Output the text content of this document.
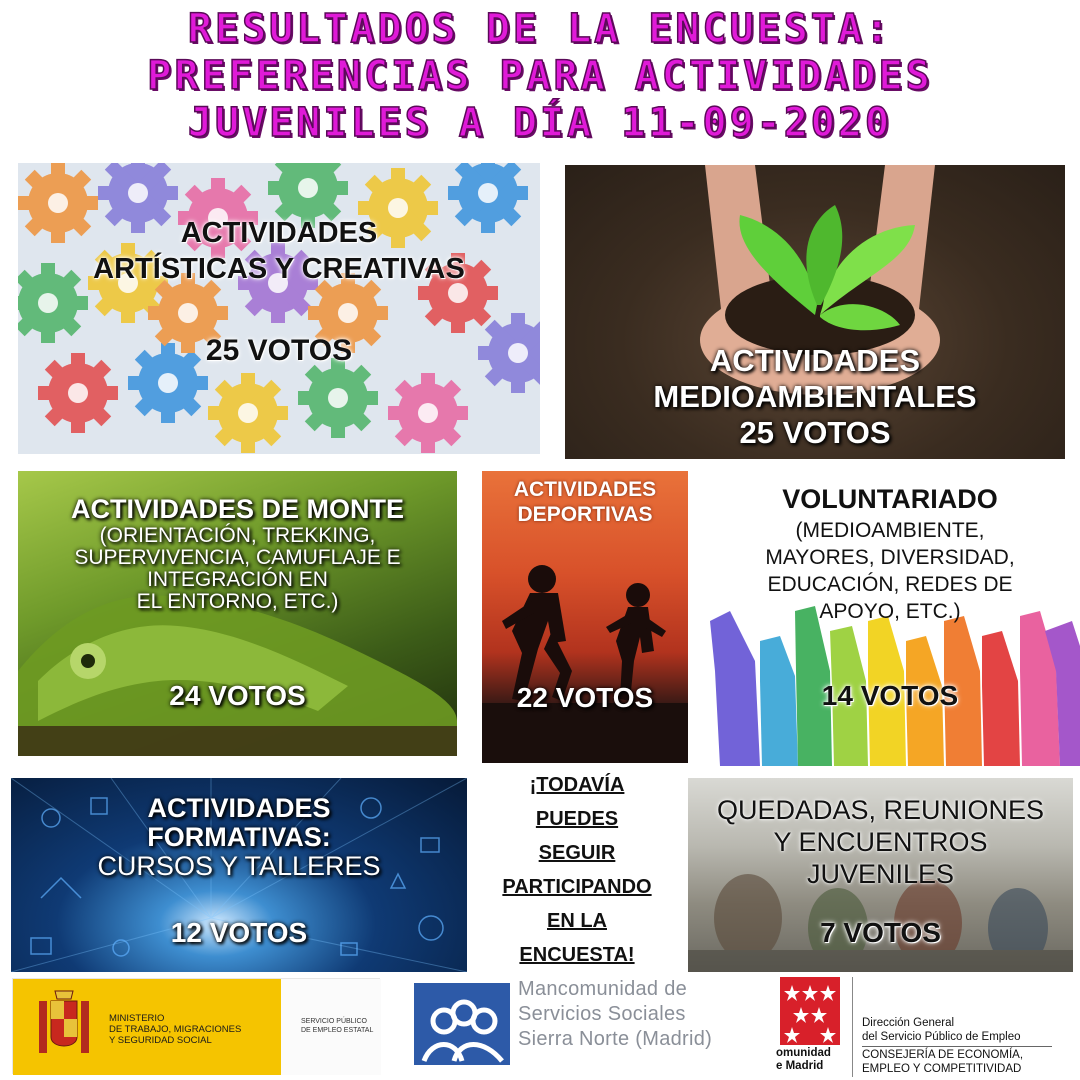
RESULTADOS DE LA ENCUESTA:
PREFERENCIAS PARA ACTIVIDADES
JUVENILES A DÍA 11-09-2020
ACTIVIDADES
ARTÍSTICAS Y CREATIVAS
25 VOTOS	ACTIVIDADES
MEDIOAMBIENTALES
25 VOTOS
ACTIVIDADES DE MONTE
(ORIENTACIÓN, TREKKING,
SUPERVIVENCIA, CAMUFLAJE E
INTEGRACIÓN EN
EL ENTORNO, ETC.)
24 VOTOS
ACTIVIDADES
DEPORTIVAS
22 VOTOS
VOLUNTARIADO
(MEDIOAMBIENTE,
MAYORES, DIVERSIDAD,
EDUCACIÓN, REDES DE
APOYO, ETC.)
14 VOTOS
ACTIVIDADES
FORMATIVAS:
CURSOS Y TALLERES
12 VOTOS
¡TODAVÍA
PUEDES
SEGUIR
PARTICIPANDO
EN LA
ENCUESTA!
QUEDADAS, REUNIONES
Y ENCUENTROS
JUVENILES
7 VOTOS
MINISTERIO
DE TRABAJO, MIGRACIONES
Y SEGURIDAD SOCIAL
SERVICIO PÚBLICO
DE EMPLEO ESTATAL
Mancomunidad de
Servicios Sociales
Sierra Norte (Madrid)
omunidad
e Madrid
Dirección General
del Servicio Público de Empleo
CONSEJERÍA DE ECONOMÍA,
EMPLEO Y COMPETITIVIDAD
